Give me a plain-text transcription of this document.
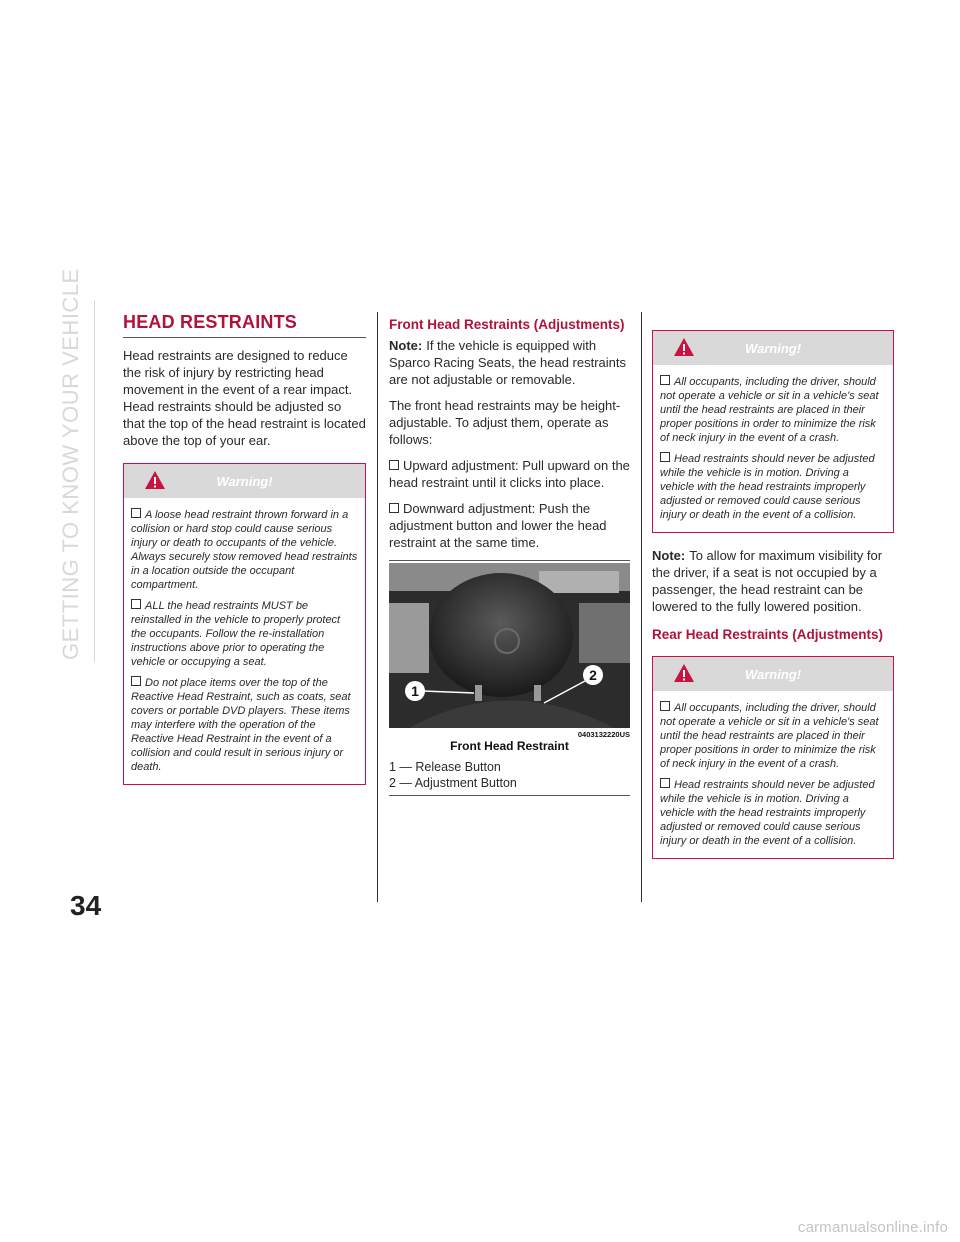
GETTING TO KNOW YOUR VEHICLE
34
HEAD RESTRAINTS

Head restraints are designed to reduce the risk of injury by restricting head movement in the event of a rear impact. Head restraints should be adjusted so that the top of the head restraint is located above the top of your ear.

Warning!

A loose head restraint thrown forward in a collision or hard stop could cause serious injury or death to occupants of the vehicle. Always securely stow removed head restraints in a location outside the occupant compartment.

ALL the head restraints MUST be reinstalled in the vehicle to properly protect the occupants. Follow the re-installation instructions above prior to operating the vehicle or occupying a seat.

Do not place items over the top of the Reactive Head Restraint, such as coats, seat covers or portable DVD players. These items may interfere with the operation of the Reactive Head Restraint in the event of a collision and could result in serious injury or death.

Front Head Restraints (Adjustments)

Note: If the vehicle is equipped with Sparco Racing Seats, the head restraints are not adjustable or removable.

The front head restraints may be height-adjustable. To adjust them, operate as follows:

Upward adjustment: Pull upward on the head restraint until it clicks into place.

Downward adjustment: Push the adjustment button and lower the head restraint at the same time.

1
2
0403132220US
Front Head Restraint
1 — Release Button
2 — Adjustment Button
Warning!

All occupants, including the driver, should not operate a vehicle or sit in a vehicle's seat until the head restraints are placed in their proper positions in order to minimize the risk of neck injury in the event of a crash.

Head restraints should never be adjusted while the vehicle is in motion. Driving a vehicle with the head restraints improperly adjusted or removed could cause serious injury or death in the event of a collision.

Note: To allow for maximum visibility for the driver, if a seat is not occupied by a passenger, the head restraint can be lowered to the fully lowered position.

Rear Head Restraints (Adjustments)
Warning!

All occupants, including the driver, should not operate a vehicle or sit in a vehicle's seat until the head restraints are placed in their proper positions in order to minimize the risk of neck injury in the event of a crash.

Head restraints should never be adjusted while the vehicle is in motion. Driving a vehicle with the head restraints improperly adjusted or removed could cause serious injury or death in the event of a collision.

carmanualsonline.info
